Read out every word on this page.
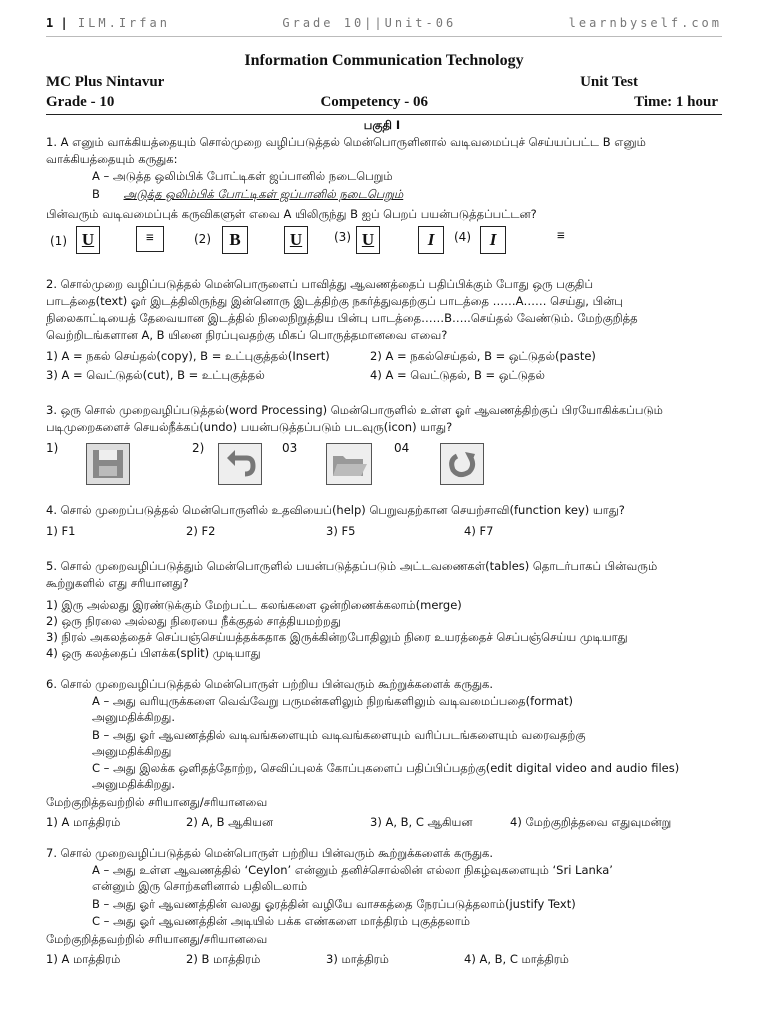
1 | ILM.Irfan	Grade 10||Unit-06	learnbyself.com
Information Communication Technology
MC Plus Nintavur	Unit Test
Grade - 10	Competency - 06	Time: 1 hour
பகுதி I
1. A எனும் வாக்கியத்தையும் சொல்முறை வழிப்படுத்தல் மென்பொருளினால் வடிவமைப்புச் செய்யப்பட்ட B எனும்
வாக்கியத்தையும் கருதுக:
A – அடுத்த ஒலிம்பிக் போட்டிகள் ஜப்பானில் நடைபெறும்
B அடுத்த ஒலிம்பிக் போட்டிகள் ஜப்பானில் நடைபெறும்
பின்வரும் வடிவமைப்புக் கருவிகளுள் எவை A யிலிருந்து B ஐப் பெறப் பயன்படுத்தப்பட்டன?
(1) U	≡	(2)	B	U	(3) U	I	(4)	I	≡
2. சொல்முறை வழிப்படுத்தல் மென்பொருளைப் பாவித்து ஆவணத்தைப் பதிப்பிக்கும் போது ஒரு பகுதிப்
பாடத்தை(text) ஓர் இடத்திலிருந்து இன்னொரு இடத்திற்கு நகர்த்துவதற்குப் பாடத்தை ……A…… செய்து, பின்பு
நிலைகாட்டியைத் தேவையான இடத்தில் நிலைநிறுத்திய பின்பு பாடத்தை……B…..செய்தல் வேண்டும். மேற்குறித்த
வெற்றிடங்களான A, B யினை நிரப்புவதற்கு மிகப் பொருத்தமானவை எவை?
1) A = நகல் செய்தல்(copy), B = உட்புகுத்தல்(Insert)	2) A = நகல்செய்தல், B = ஒட்டுதல்(paste)
3) A = வெட்டுதல்(cut), B = உட்புகுத்தல்	4) A = வெட்டுதல், B = ஒட்டுதல்
3. ஒரு சொல் முறைவழிப்படுத்தல்(word Processing) மென்பொருளில் உள்ள ஓர் ஆவணத்திற்குப் பிரயோகிக்கப்படும்
படிமுறைகளைச் செயல்நீக்கப்(undo) பயன்படுத்தப்படும் படவுரு(icon) யாது?
1)	2)	03	04
4. சொல் முறைப்படுத்தல் மென்பொருளில் உதவியைப்(help) பெறுவதற்கான செயற்சாவி(function key) யாது?
1) F1	2) F2	3) F5	4) F7
5. சொல் முறைவழிப்படுத்தும் மென்பொருளில் பயன்படுத்தப்படும் அட்டவணைகள்(tables) தொடர்பாகப் பின்வரும்
கூற்றுகளில் எது சரியானது?
1) இரு அல்லது இரண்டுக்கும் மேற்பட்ட கலங்களை ஒன்றிணைக்கலாம்(merge)
2) ஒரு நிரலை அல்லது நிரையை நீக்குதல் சாத்தியமற்றது
3) நிரல் அகலத்தைச் செப்பஞ்செய்யத்தக்கதாக இருக்கின்றபோதிலும் நிரை உயரத்தைச் செப்பஞ்செய்ய முடியாது
4) ஒரு கலத்தைப் பிளக்க(split) முடியாது
6. சொல் முறைவழிப்படுத்தல் மென்பொருள் பற்றிய பின்வரும் கூற்றுக்களைக் கருதுக.
A – அது வரியுருக்களை வெவ்வேறு பருமன்களிலும் நிறங்களிலும் வடிவமைப்பதை(format)
அனுமதிக்கிறது.
B – அது ஓர் ஆவணத்தில் வடிவங்களையும் வடிவங்களையும் வரிப்படங்களையும் வரைவதற்கு
அனுமதிக்கிறது
C – அது இலக்க ஒளிதத்தோற்ற, செவிப்புலக் கோப்புகளைப் பதிப்பிப்பதற்கு(edit digital video and audio files)
அனுமதிக்கிறது.
மேற்குறித்தவற்றில் சரியானது/சரியானவை
1) A மாத்திரம்	2) A, B ஆகியன	3) A, B, C ஆகியன	4) மேற்குறித்தவை எதுவுமன்று
7. சொல் முறைவழிப்படுத்தல் மென்பொருள் பற்றிய பின்வரும் கூற்றுக்களைக் கருதுக.
A – அது உள்ள ஆவணத்தில் ‘Ceylon’ என்னும் தனிச்சொல்லின் எல்லா நிகழ்வுகளையும் ‘Sri Lanka’
என்னும் இரு சொற்களினால் பதிலிடலாம்
B – அது ஓர் ஆவணத்தின் வலது ஓரத்தின் வழியே வாசகத்தை நேரப்படுத்தலாம்(justify Text)
C – அது ஓர் ஆவணத்தின் அடியில் பக்க எண்களை மாத்திரம் புகுத்தலாம்
மேற்குறித்தவற்றில் சரியானது/சரியானவை
1) A மாத்திரம்	2) B மாத்திரம்	3) மாத்திரம்	4) A, B, C மாத்திரம்
